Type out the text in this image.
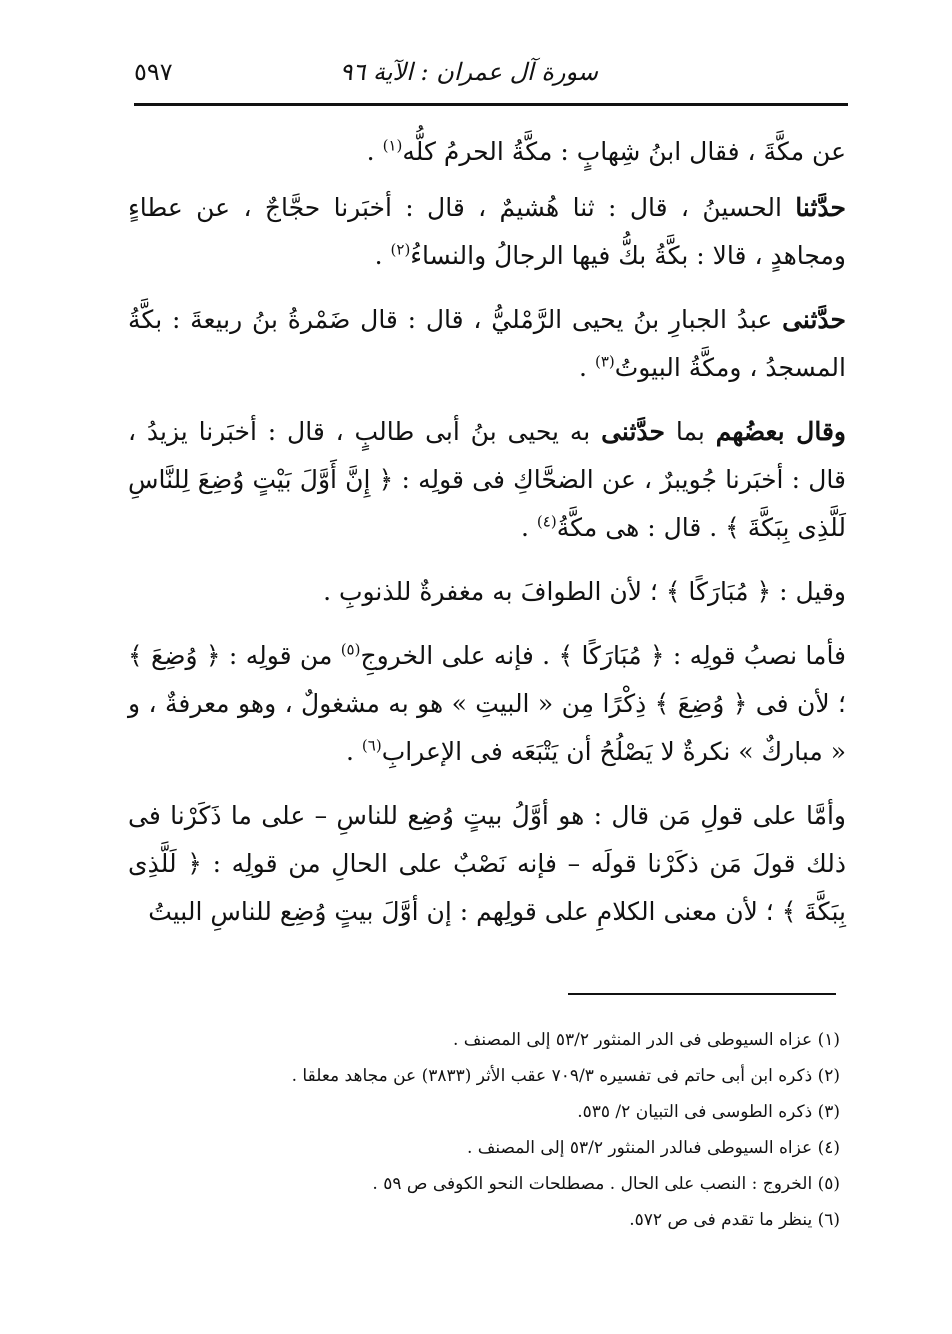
سورة آل عمران : الآية ٩٦
٥٩٧

عن مكَّةَ ، فقال ابنُ شِهابٍ : مكَّةُ الحرمُ كلُّه$^{(١)}$ .

حدَّثنا الحسينُ ، قال : ثنا هُشيمٌ ، قال : أخبَرنا حجَّاجٌ ، عن عطاءٍ ومجاهدٍ ، قالا : بكَّةُ بكُّ فيها الرجالُ والنساءُ$^{(٢)}$ .

حدَّثنى عبدُ الجبارِ بنُ يحيى الرَّمْليُّ ، قال : قال ضَمْرةُ بنُ ربيعةَ : بكَّةُ المسجدُ ، ومكَّةُ البيوتُ$^{(٣)}$ .

وقال بعضُهم بما حدَّثنى به يحيى بنُ أبى طالبٍ ، قال : أخبَرنا يزيدُ ، قال : أخبَرنا جُويبرٌ ، عن الضحَّاكِ فى قولِه : ﴿ إِنَّ أَوَّلَ بَيْتٍ وُضِعَ لِلنَّاسِ لَلَّذِى بِبَكَّةَ ﴾ . قال : هى مكَّةُ$^{(٤)}$ .

وقيل : ﴿ مُبَارَكًا ﴾ ؛ لأن الطوافَ به مغفرةٌ للذنوبِ .

فأما نصبُ قولِه : ﴿ مُبَارَكًا ﴾ . فإنه على الخروجِ$^{(٥)}$ من قولِه : ﴿ وُضِعَ ﴾ ؛ لأن فى ﴿ وُضِعَ ﴾ ذِكْرًا مِن « البيتِ » هو به مشغولٌ ، وهو معرفةٌ ، و « مباركٌ » نكرةٌ لا يَصْلُحُ أن يَتْبَعَه فى الإعرابِ$^{(٦)}$ .

وأمَّا على قولِ مَن قال : هو أوَّلُ بيتٍ وُضِع للناسِ – على ما ذَكَرْنا فى ذلك قولَ مَن ذكَرْنا قولَه – فإنه نَصْبٌ على الحالِ من قولِه : ﴿ لَلَّذِى بِبَكَّةَ ﴾ ؛ لأن معنى الكلامِ على قولِهم : إن أوَّلَ بيتٍ وُضِع للناسِ البيتُ

(١) عزاه السيوطى فى الدر المنثور ٥٣/٢ إلى المصنف .
(٢) ذكره ابن أبى حاتم فى تفسيره ٧٠٩/٣ عقب الأثر (٣٨٣٣) عن مجاهد معلقا .
(٣) ذكره الطوسى فى التبيان ٢/ ٥٣٥.
(٤) عزاه السيوطى فىالدر المنثور ٥٣/٢ إلى المصنف .
(٥) الخروج : النصب على الحال . مصطلحات النحو الكوفى ص ٥٩ .
(٦) ينظر ما تقدم فى ص ٥٧٢.
